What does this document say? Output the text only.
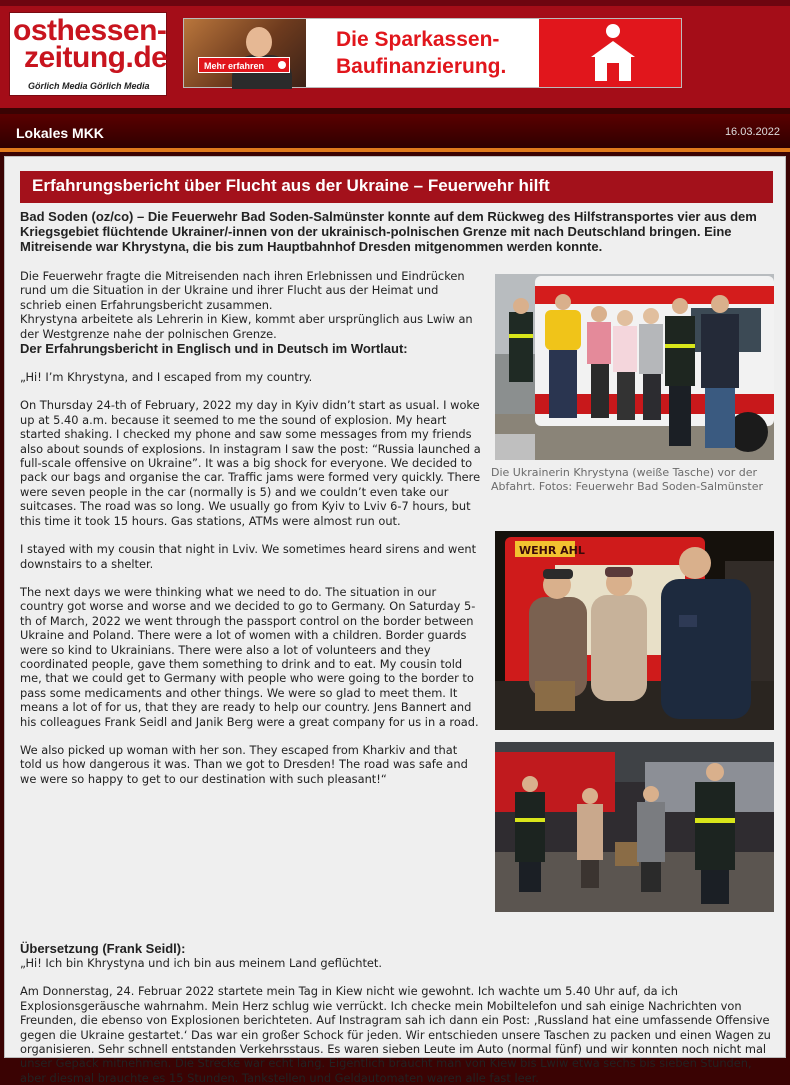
osthessen-
zeitung.de
Görlich Media Görlich Media
Mehr erfahren
Die Sparkassen-
Baufinanzierung.
Lokales MKK	16.03.2022
Erfahrungsbericht über Flucht aus der Ukraine – Feuerwehr hilft
Bad Soden (oz/co) – Die Feuerwehr Bad Soden-Salmünster konnte auf dem Rückweg des Hilfstransportes vier aus dem Kriegsgebiet flüchtende Ukrainer/-innen von der ukrainisch-polnischen Grenze mit nach Deutschland bringen. Eine Mitreisende war Khrystyna, die bis zum Hauptbahnhof Dresden mitgenommen werden konnte.

Die Feuerwehr fragte die Mitreisenden nach ihren Erlebnissen und Eindrücken rund um die Situation in der Ukraine und ihrer Flucht aus der Heimat und schrieb einen Erfahrungsbericht zusammen.

Khrystyna arbeitete als Lehrerin in Kiew, kommt aber ursprünglich aus Lwiw an der Westgrenze nahe der polnischen Grenze.

Der Erfahrungsbericht in Englisch und in Deutsch im Wortlaut:

„Hi! I’m Khrystyna, and I escaped from my country.

On Thursday 24-th of February, 2022 my day in Kyiv didn’t start as usual. I woke up at 5.40 a.m. because it seemed to me the sound of explosion. My heart started shaking. I checked my phone and saw some messages from my friends also about sounds of explosions. In instagram I saw the post: “Russia launched a full-scale offensive on Ukraine”. It was a big shock for everyone. We decided to pack our bags and organise the car. Traffic jams were formed very quickly. There were seven people in the car (normally is 5) and we couldn’t even take our suitcases. The road was so long. We usually go from Kyiv to Lviv 6-7 hours, but this time it took 15 hours. Gas stations, ATMs were almost run out.

I stayed with my cousin that night in Lviv. We sometimes heard sirens and went downstairs to a shelter.

The next days we were thinking what we need to do. The situation in our country got worse and worse and we decided to go to Germany. On Saturday 5-th of March, 2022 we went through the passport control on the border between Ukraine and Poland. There were a lot of women with a children. Border guards were so kind to Ukrainians. There were also a lot of volunteers and they coordinated people, gave them something to drink and to eat. My cousin told me, that we could get to Germany with people who were going to the border to pass some medicaments and other things. We were so glad to meet them. It means a lot of for us, that they are ready to help our country. Jens Bannert and his colleagues Frank Seidl and Janik Berg were a great company for us in a road.

We also picked up woman with her son. They escaped from Kharkiv and that told us how dangerous it was. Than we got to Dresden! The road was safe and we were so happy to get to our destination with such pleasant!“

Übersetzung (Frank Seidl):
„Hi! Ich bin Khrystyna und ich bin aus meinem Land geflüchtet.
Am Donnerstag, 24. Februar 2022 startete mein Tag in Kiew nicht wie gewohnt. Ich wachte um 5.40 Uhr auf, da ich Explosionsgeräusche wahrnahm. Mein Herz schlug wie verrückt. Ich checke mein Mobiltelefon und sah einige Nachrichten von Freunden, die ebenso von Explosionen berichteten. Auf Instragram sah ich dann ein Post: ‚Russland hat eine umfassende Offensive gegen die Ukraine gestartet.‘ Das war ein großer Schock für jeden. Wir entschieden unsere Taschen zu packen und einen Wagen zu organisieren. Sehr schnell entstanden Verkehrsstaus. Es waren sieben Leute im Auto (normal fünf) und wir konnten noch nicht mal unser Gepäck mitnehmen. Die Strecke war echt lang. Eigentlich braucht man von Kiew bis Lwiw etwa sechs bis sieben Stunden, aber diesmal brauchte es 15 Stunden. Tankstellen und Geldautomaten waren alle fast leer.
Die Ukrainerin Khrystyna (weiße Tasche) vor der Abfahrt. Fotos: Feuerwehr Bad Soden-Salmünster
WEHR AHL
